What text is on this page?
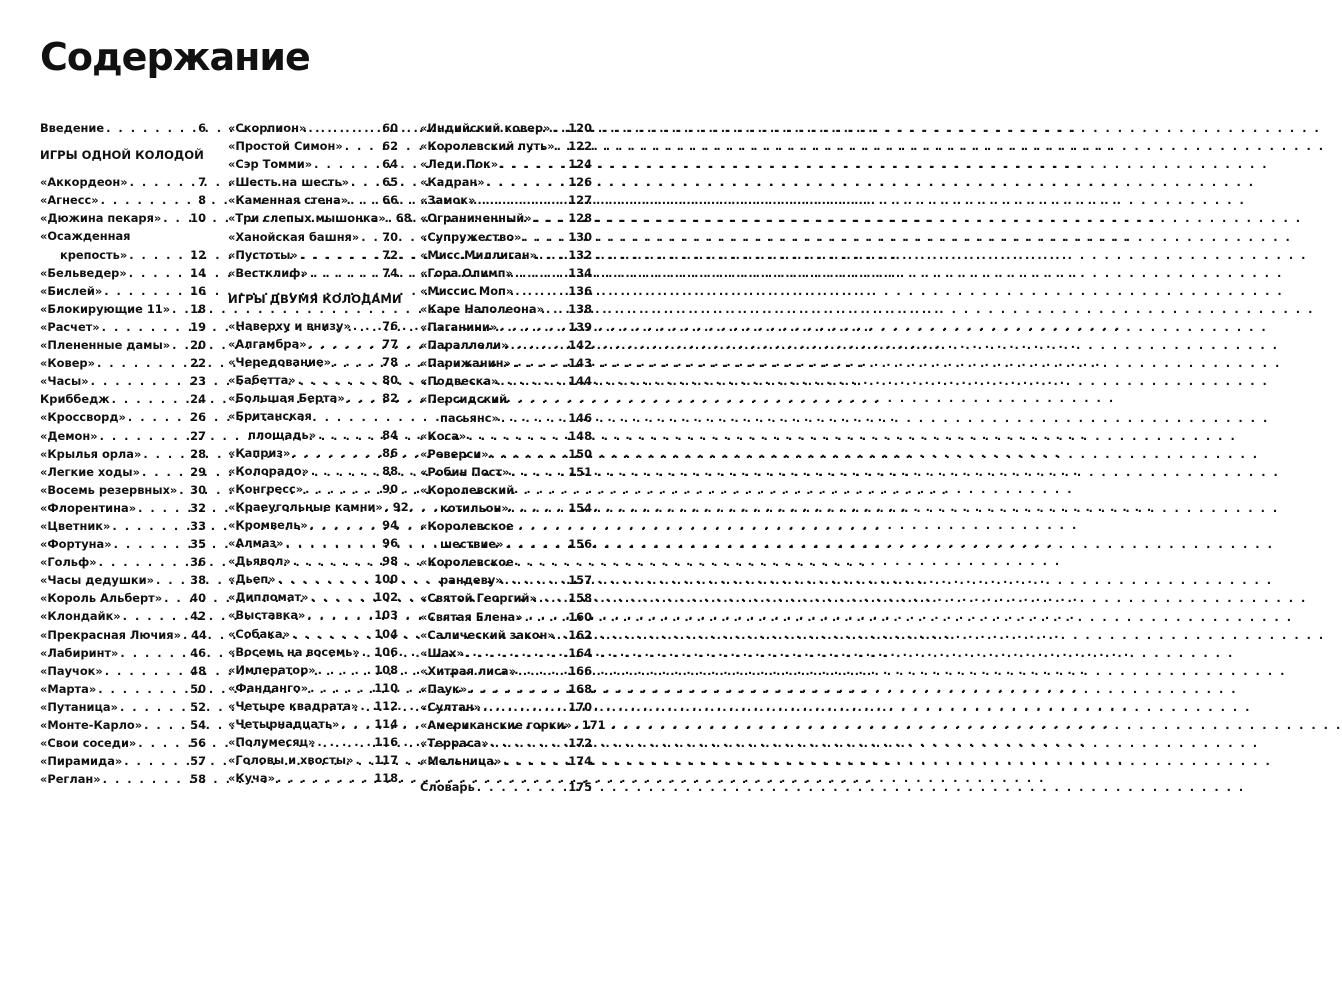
Содержание
Введение . . .	6
ИГРЫ ОДНОЙ КОЛОДОЙ
«Аккордеон» . . .	7
«Агнесс» . . .	8
«Дюжина пекаря» . . .	10
«Осажденная
крепость» . . .	12
«Бельведер» . . .	14
«Бислей» . . .	16
«Блокирующие 11» . . . 18
«Расчет» . . .	19
«Плененные дамы» . . . 20
«Ковер» . . .	22
«Часы» . . .	23
Криббедж . . .	24
«Кроссворд» . . .	26
«Демон» . . .	27
«Крылья орла» . . .	28
«Легкие ходы» . . .	29
«Восемь резервных» . . . 30
«Флорентина» . . .	32
«Цветник» . . .	33
«Фортуна» . . .	35
«Гольф» . . .	36
«Часы дедушки» . . .	38
«Король Альберт» . . . 40
«Клондайк» . . .	42
«Прекрасная Лючия» . . . 44
«Лабиринт» . . .	46
«Паучок» . . .	48
«Марта» . . .	50
«Путаница» . . .	52
«Монте-Карло» . . .	54
«Свои соседи» . . .	56
«Пирамида» . . .	57
«Реглан» . . .	58
«Скорпион» . . .	60
«Простой Симон» . . .	62
«Сэр Томми» . . .	64
«Шесть на шесть» . . .	65
«Каменная стена» . . .	66
«Три слепых мышонка» . . . 68
«Ханойская башня» . . . 70
«Пустоты» . . .	72
«Вестклиф» . . .	74
ИГРЫ ДВУМЯ КОЛОДАМИ
«Наверху и внизу» . . .	76
«Алгамбра» . . .	77
«Чередование» . . .	78
«Бабетта» . . .	80
«Большая Берта» . . .	82
«Британская
площадь» . . .	84
«Каприз» . . .	86
«Колорадо» . . .	88
«Конгресс» . . .	90
«Краеугольные камни» . . . 92
«Кромвель» . . .	94
«Алмаз» . . .	96
«Дьявол» . . .	98
«Дьеп» . . .	100
«Дипломат» . . .	102
«Выставка» . . .	103
«Собака» . . .	104
«Восемь на восемь» . . . 106
«Император» . . .	108
«Фанданго» . . .	110
«Четыре квадрата» . . . 112
«Четырнадцать» . . .	114
«Полумесяц» . . .	116
«Головы и хвосты» . . . 117
«Куча» . . .	118
«Индийский ковер» . . . 120
«Королевский путь» . . . 122
«Леди Пок» . . .	124
«Кадран» . . .	126
«Замок» . . .	127
«Ограниченный» . . .	128
«Супружество» . . .	130
«Мисс Миллиган» . . .	132
«Гора Олимп» . . .	134
«Миссис Моп» . . .	136
«Каре Наполеона» . . . 138
«Паганини» . . .	139
«Параллели» . . .	142
«Парижанин» . . .	143
«Подвеска» . . .	144
«Персидский
пасьянс» . . .	146
«Коса» . . .	148
«Реверси» . . .	150
«Робин Пост» . . .	151
«Королевский
котильон» . . .	154
«Королевское
шествие» . . .	156
«Королевское
рандеву» . . .	157
«Святой Георгий» . . .	158
«Святая Елена» . . .	160
«Салический закон» . . . 162
«Шах» . . .	164
«Хитрая лиса» . . .	166
«Паук» . . .	168
«Султан» . . .	170
«Американские горки» . . . 171
«Терраса» . . .	172
«Мельница» . . .	174
Словарь . . .	175
